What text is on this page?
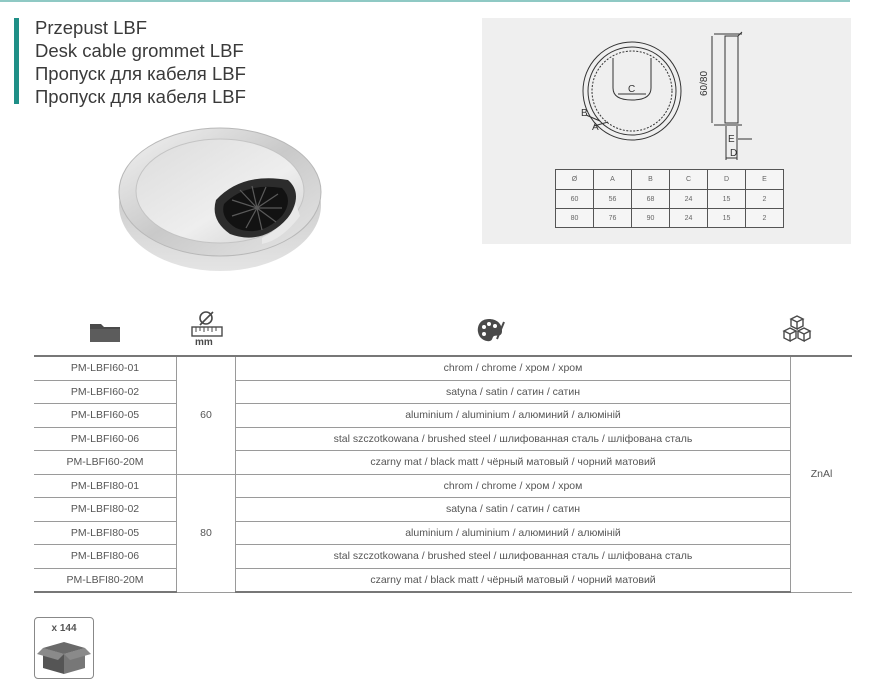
Przepust LBF
Desk cable grommet LBF
Пропуск для кабеля LBF
Пропуск для кабеля LBF	C
B
A
60/80
E
D
Ø	A	B	C	D	E
60	56	68	24	15	2
80	76	90	24	15	2
mm
PM-LBFI60-01	60	chrom / chrome / хром / хром	ZnAl
PM-LBFI60-02		satyna / satin / сатин / сатин	
PM-LBFI60-05		aluminium / aluminium / алюминий / алюміній	
PM-LBFI60-06		stal szczotkowana / brushed steel / шлифованная сталь / шліфована сталь	
PM-LBFI60-20M		czarny mat / black matt / чёрный матовый / чорний матовий	
PM-LBFI80-01	80	chrom / chrome / хром / хром	
PM-LBFI80-02		satyna / satin / сатин / сатин	
PM-LBFI80-05		aluminium / aluminium / алюминий / алюміній	
PM-LBFI80-06		stal szczotkowana / brushed steel / шлифованная сталь / шліфована сталь	
PM-LBFI80-20M		czarny mat / black matt / чёрный матовый / чорний матовий	
x 144
